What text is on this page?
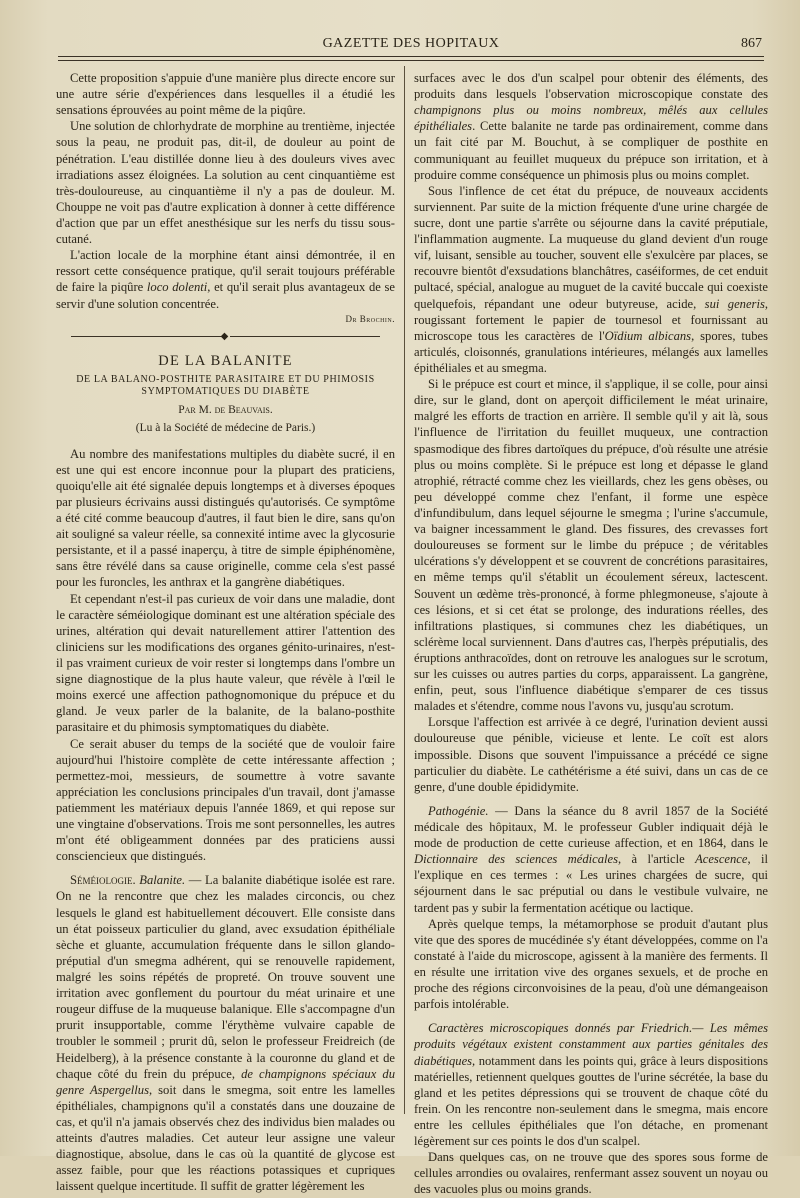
GAZETTE DES HOPITAUX	867

Cette proposition s'appuie d'une manière plus directe encore sur une autre série d'expériences dans lesquelles il a étudié les sensations éprouvées au point même de la piqûre.

Une solution de chlorhydrate de morphine au trentième, injectée sous la peau, ne produit pas, dit-il, de douleur au point de pénétration. L'eau distillée donne lieu à des douleurs vives avec irradiations assez éloignées. La solution au cent cinquantième est très-douloureuse, au cinquantième il n'y a pas de douleur. M. Chouppe ne voit pas d'autre explication à donner à cette différence d'action que par un effet anesthésique sur les nerfs du tissu sous-cutané.

L'action locale de la morphine étant ainsi démontrée, il en ressort cette conséquence pratique, qu'il serait toujours préférable de faire la piqûre loco dolenti, et qu'il serait plus avantageux de se servir d'une solution concentrée.

Dr Brochin.

◆

DE LA BALANITE

DE LA BALANO-POSTHITE PARASITAIRE ET DU PHIMOSIS SYMPTOMATIQUES DU DIABÈTE

Par M. de Beauvais.

(Lu à la Société de médecine de Paris.)

Au nombre des manifestations multiples du diabète sucré, il en est une qui est encore inconnue pour la plupart des praticiens, quoiqu'elle ait été signalée depuis longtemps et à diverses époques par plusieurs écrivains aussi distingués qu'autorisés. Ce symptôme a été cité comme beaucoup d'autres, il faut bien le dire, sans qu'on ait souligné sa valeur réelle, sa connexité intime avec la glycosurie persistante, et il a passé inaperçu, à titre de simple épiphénomène, sans être révélé dans sa cause originelle, comme cela s'est passé pour les furoncles, les anthrax et la gangrène diabétiques.

Et cependant n'est-il pas curieux de voir dans une maladie, dont le caractère séméiologique dominant est une altération spéciale des urines, altération qui devait naturellement attirer l'attention des cliniciens sur les modifications des organes génito-urinaires, n'est-il pas vraiment curieux de voir rester si longtemps dans l'ombre un signe diagnostique de la plus haute valeur, que révèle à l'œil le moins exercé une affection pathognomonique du prépuce et du gland. Je veux parler de la balanite, de la balano-posthite parasitaire et du phimosis symptomatiques du diabète.

Ce serait abuser du temps de la société que de vouloir faire aujourd'hui l'histoire complète de cette intéressante affection ; permettez-moi, messieurs, de soumettre à votre savante appréciation les conclusions principales d'un travail, dont j'amasse patiemment les matériaux depuis l'année 1869, et qui repose sur une vingtaine d'observations. Trois me sont personnelles, les autres m'ont été obligeamment données par des praticiens aussi consciencieux que distingués.

Séméiologie. Balanite. — La balanite diabétique isolée est rare. On ne la rencontre que chez les malades circoncis, ou chez lesquels le gland est habituellement découvert. Elle consiste dans un état poisseux particulier du gland, avec exsudation épithéliale sèche et gluante, accumulation fréquente dans le sillon glando-préputial d'un smegma adhérent, qui se renouvelle rapidement, malgré les soins répétés de propreté. On trouve souvent une irritation avec gonflement du pourtour du méat urinaire et une rougeur diffuse de la muqueuse balanique. Elle s'accompagne d'un prurit insupportable, comme l'érythème vulvaire capable de troubler le sommeil ; prurit dû, selon le professeur Freidreich (de Heidelberg), à la présence constante à la couronne du gland et de chaque côté du frein du prépuce, de champignons spéciaux du genre Aspergellus, soit dans le smegma, soit entre les lamelles épithéliales, champignons qu'il a constatés dans une douzaine de cas, et qu'il n'a jamais observés chez des individus bien malades ou atteints d'autres maladies. Cet auteur leur assigne une valeur diagnostique, absolue, dans le cas où la quantité de glycose est assez faible, pour que les réactions potassiques et cupriques laissent quelque incertitude. Il suffit de gratter légèrement les

surfaces avec le dos d'un scalpel pour obtenir des éléments, des produits dans lesquels l'observation microscopique constate des champignons plus ou moins nombreux, mêlés aux cellules épithéliales. Cette balanite ne tarde pas ordinairement, comme dans un fait cité par M. Bouchut, à se compliquer de posthite en communiquant au feuillet muqueux du prépuce son irritation, et à produire comme conséquence un phimosis plus ou moins complet.

Sous l'inflence de cet état du prépuce, de nouveaux accidents surviennent. Par suite de la miction fréquente d'une urine chargée de sucre, dont une partie s'arrête ou séjourne dans la cavité préputiale, l'inflammation augmente. La muqueuse du gland devient d'un rouge vif, luisant, sensible au toucher, souvent elle s'exulcère par places, se recouvre bientôt d'exsudations blanchâtres, caséiformes, de cet enduit pultacé, spécial, analogue au muguet de la cavité buccale qui coexiste quelquefois, répandant une odeur butyreuse, acide, sui generis, rougissant fortement le papier de tournesol et fournissant au microscope tous les caractères de l'Oïdium albicans, spores, tubes articulés, cloisonnés, granulations intérieures, mélangés aux lamelles épithéliales et au smegma.

Si le prépuce est court et mince, il s'applique, il se colle, pour ainsi dire, sur le gland, dont on aperçoit difficilement le méat urinaire, malgré les efforts de traction en arrière. Il semble qu'il y ait là, sous l'influence de l'irritation du feuillet muqueux, une contraction spasmodique des fibres dartoïques du prépuce, d'où résulte une atrésie plus ou moins complète. Si le prépuce est long et dépasse le gland atrophié, rétracté comme chez les vieillards, chez les gens obèses, ou peu développé comme chez l'enfant, il forme une espèce d'infundibulum, dans lequel séjourne le smegma ; l'urine s'accumule, va baigner incessamment le gland. Des fissures, des crevasses fort douloureuses se forment sur le limbe du prépuce ; de véritables ulcérations s'y développent et se couvrent de concrétions parasitaires, en même temps qu'il s'établit un écoulement séreux, lactescent. Souvent un œdème très-prononcé, à forme phlegmoneuse, s'ajoute à ces lésions, et si cet état se prolonge, des indurations réelles, des infiltrations plastiques, si communes chez les diabétiques, un sclérème local surviennent. Dans d'autres cas, l'herpès préputialis, des éruptions anthracoïdes, dont on retrouve les analogues sur le scrotum, sur les cuisses ou autres parties du corps, apparaissent. La gangrène, enfin, peut, sous l'influence diabétique s'emparer de ces tissus malades et s'étendre, comme nous l'avons vu, jusqu'au scrotum.

Lorsque l'affection est arrivée à ce degré, l'urination devient aussi douloureuse que pénible, vicieuse et lente. Le coït est alors impossible. Disons que souvent l'impuissance a précédé ce signe particulier du diabète. Le cathétérisme a été suivi, dans un cas de ce genre, d'une double épididymite.

Pathogénie. — Dans la séance du 8 avril 1857 de la Société médicale des hôpitaux, M. le professeur Gubler indiquait déjà le mode de production de cette curieuse affection, et en 1864, dans le Dictionnaire des sciences médicales, à l'article Acescence, il l'explique en ces termes : « Les urines chargées de sucre, qui séjournent dans le sac préputial ou dans le vestibule vulvaire, ne tardent pas y subir la fermentation acétique ou lactique.

Après quelque temps, la métamorphose se produit d'autant plus vite que des spores de mucédinée s'y étant développées, comme on l'a constaté à l'aide du microscope, agissent à la manière des ferments. Il en résulte une irritation vive des organes sexuels, et de proche en proche des régions circonvoisines de la peau, d'où une démangeaison parfois intolérable.

Caractères microscopiques donnés par Friedrich.— Les mêmes produits végétaux existent constamment aux parties génitales des diabétiques, notamment dans les points qui, grâce à leurs dispositions matérielles, retiennent quelques gouttes de l'urine sécrétée, la base du gland et les petites dépressions qui se trouvent de chaque côté du frein. On les rencontre non-seulement dans le smegma, mais encore entre les cellules épithéliales que l'on détache, en promenant légèrement sur ces points le dos d'un scalpel.

Dans quelques cas, on ne trouve que des spores sous forme de cellules arrondies ou ovalaires, renfermant assez souvent un noyau ou des vacuoles plus ou moins grands.
